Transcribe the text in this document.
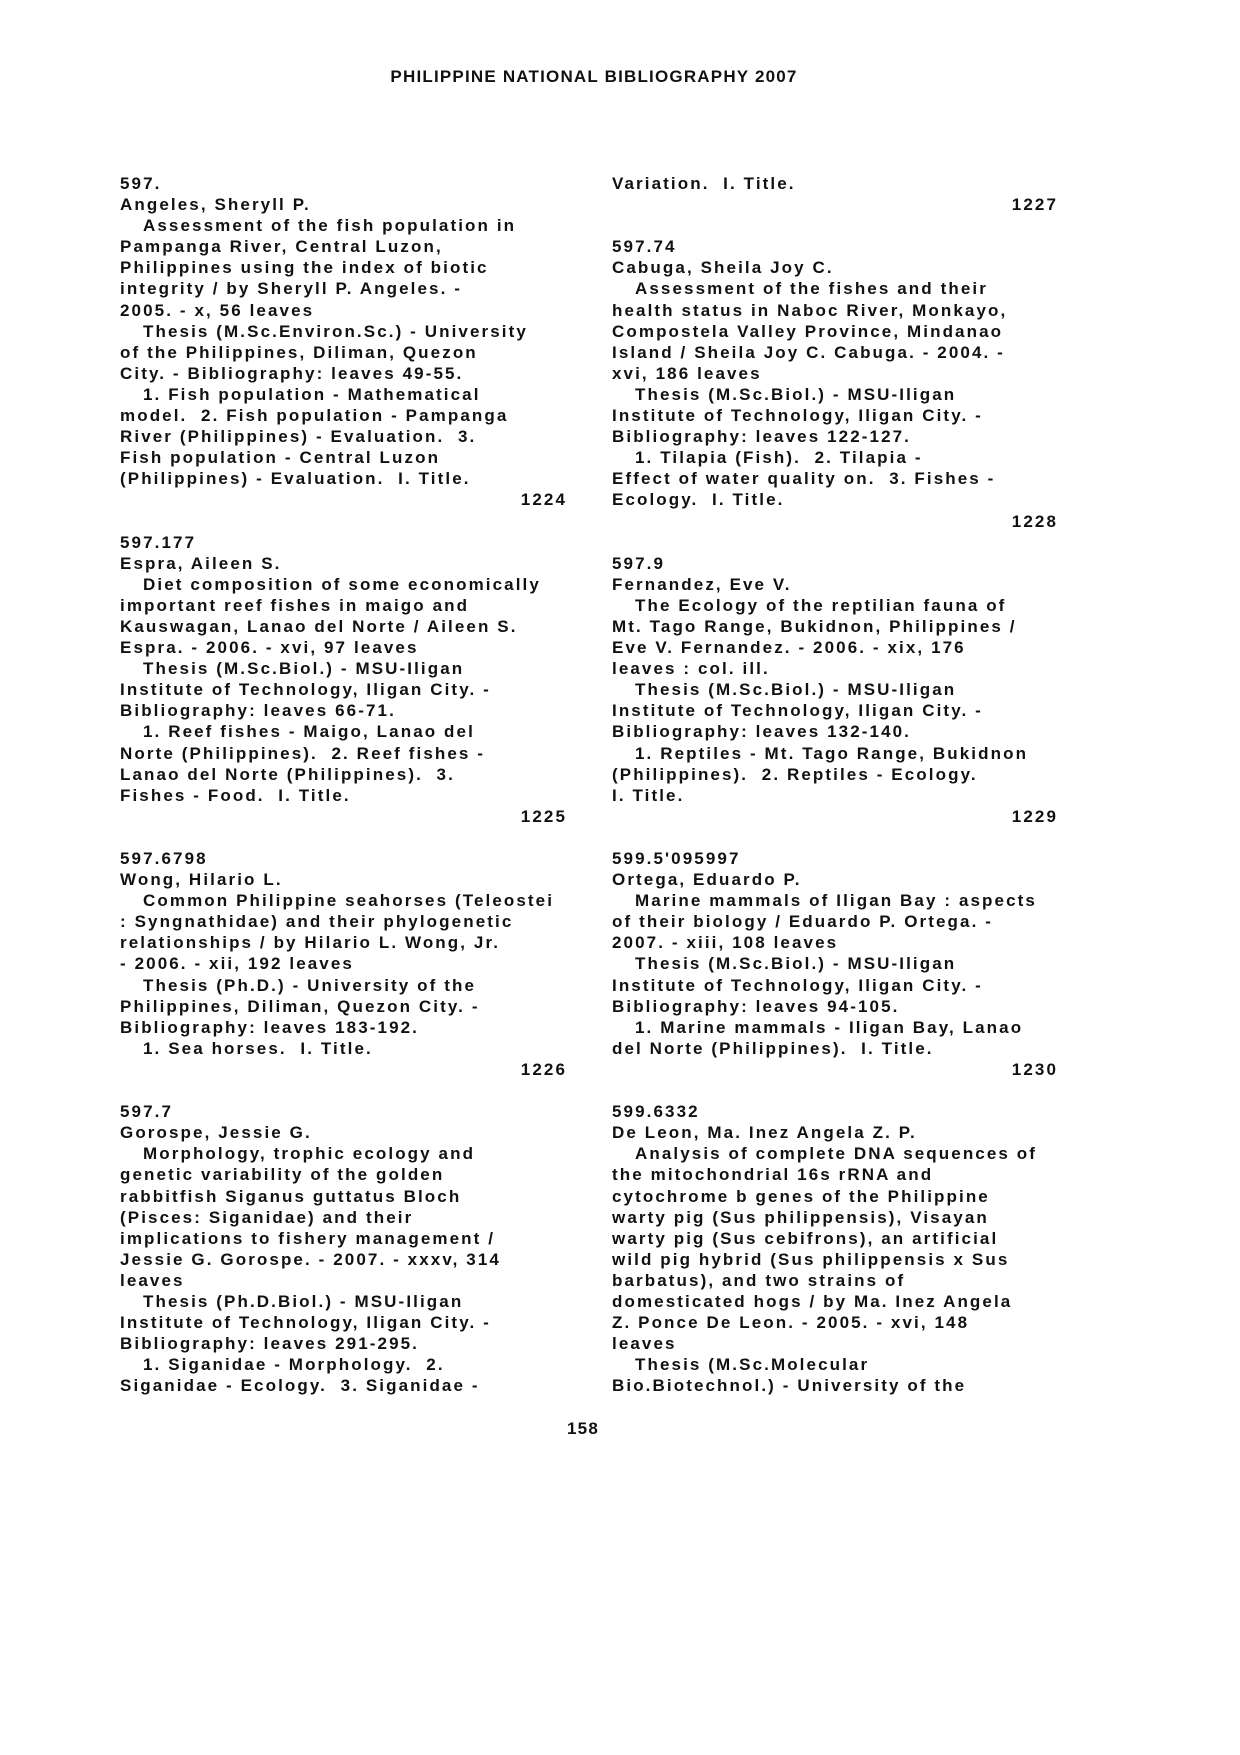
PHILIPPINE NATIONAL BIBLIOGRAPHY 2007
597.
Angeles, Sheryll P.
Assessment of the fish population in
Pampanga River, Central Luzon,
Philippines using the index of biotic
integrity / by Sheryll P. Angeles. -
2005. - x, 56 leaves
Thesis (M.Sc.Environ.Sc.) - University
of the Philippines, Diliman, Quezon
City. - Bibliography: leaves 49-55.
1. Fish population - Mathematical
model.  2. Fish population - Pampanga
River (Philippines) - Evaluation.  3.
Fish population - Central Luzon
(Philippines) - Evaluation.  I. Title.
1224
597.177
Espra, Aileen S.
Diet composition of some economically
important reef fishes in maigo and
Kauswagan, Lanao del Norte / Aileen S.
Espra. - 2006. - xvi, 97 leaves
Thesis (M.Sc.Biol.) - MSU-Iligan
Institute of Technology, Iligan City. -
Bibliography: leaves 66-71.
1. Reef fishes - Maigo, Lanao del
Norte (Philippines).  2. Reef fishes -
Lanao del Norte (Philippines).  3.
Fishes - Food.  I. Title.
1225
597.6798
Wong, Hilario L.
Common Philippine seahorses (Teleostei
: Syngnathidae) and their phylogenetic
relationships / by Hilario L. Wong, Jr.
- 2006. - xii, 192 leaves
Thesis (Ph.D.) - University of the
Philippines, Diliman, Quezon City. -
Bibliography: leaves 183-192.
1. Sea horses.  I. Title.
1226
597.7
Gorospe, Jessie G.
Morphology, trophic ecology and
genetic variability of the golden
rabbitfish Siganus guttatus Bloch
(Pisces: Siganidae) and their
implications to fishery management /
Jessie G. Gorospe. - 2007. - xxxv, 314
leaves
Thesis (Ph.D.Biol.) - MSU-Iligan
Institute of Technology, Iligan City. -
Bibliography: leaves 291-295.
1. Siganidae - Morphology.  2.
Siganidae - Ecology.  3. Siganidae -
Variation.  I. Title.
1227
597.74
Cabuga, Sheila Joy C.
Assessment of the fishes and their
health status in Naboc River, Monkayo,
Compostela Valley Province, Mindanao
Island / Sheila Joy C. Cabuga. - 2004. -
xvi, 186 leaves
Thesis (M.Sc.Biol.) - MSU-Iligan
Institute of Technology, Iligan City. -
Bibliography: leaves 122-127.
1. Tilapia (Fish).  2. Tilapia -
Effect of water quality on.  3. Fishes -
Ecology.  I. Title.
1228
597.9
Fernandez, Eve V.
The Ecology of the reptilian fauna of
Mt. Tago Range, Bukidnon, Philippines /
Eve V. Fernandez. - 2006. - xix, 176
leaves : col. ill.
Thesis (M.Sc.Biol.) - MSU-Iligan
Institute of Technology, Iligan City. -
Bibliography: leaves 132-140.
1. Reptiles - Mt. Tago Range, Bukidnon
(Philippines).  2. Reptiles - Ecology.
I. Title.
1229
599.5'095997
Ortega, Eduardo P.
Marine mammals of Iligan Bay : aspects
of their biology / Eduardo P. Ortega. -
2007. - xiii, 108 leaves
Thesis (M.Sc.Biol.) - MSU-Iligan
Institute of Technology, Iligan City. -
Bibliography: leaves 94-105.
1. Marine mammals - Iligan Bay, Lanao
del Norte (Philippines).  I. Title.
1230
599.6332
De Leon, Ma. Inez Angela Z. P.
Analysis of complete DNA sequences of
the mitochondrial 16s rRNA and
cytochrome b genes of the Philippine
warty pig (Sus philippensis), Visayan
warty pig (Sus cebifrons), an artificial
wild pig hybrid (Sus philippensis x Sus
barbatus), and two strains of
domesticated hogs / by Ma. Inez Angela
Z. Ponce De Leon. - 2005. - xvi, 148
leaves
Thesis (M.Sc.Molecular
Bio.Biotechnol.) - University of the
158
